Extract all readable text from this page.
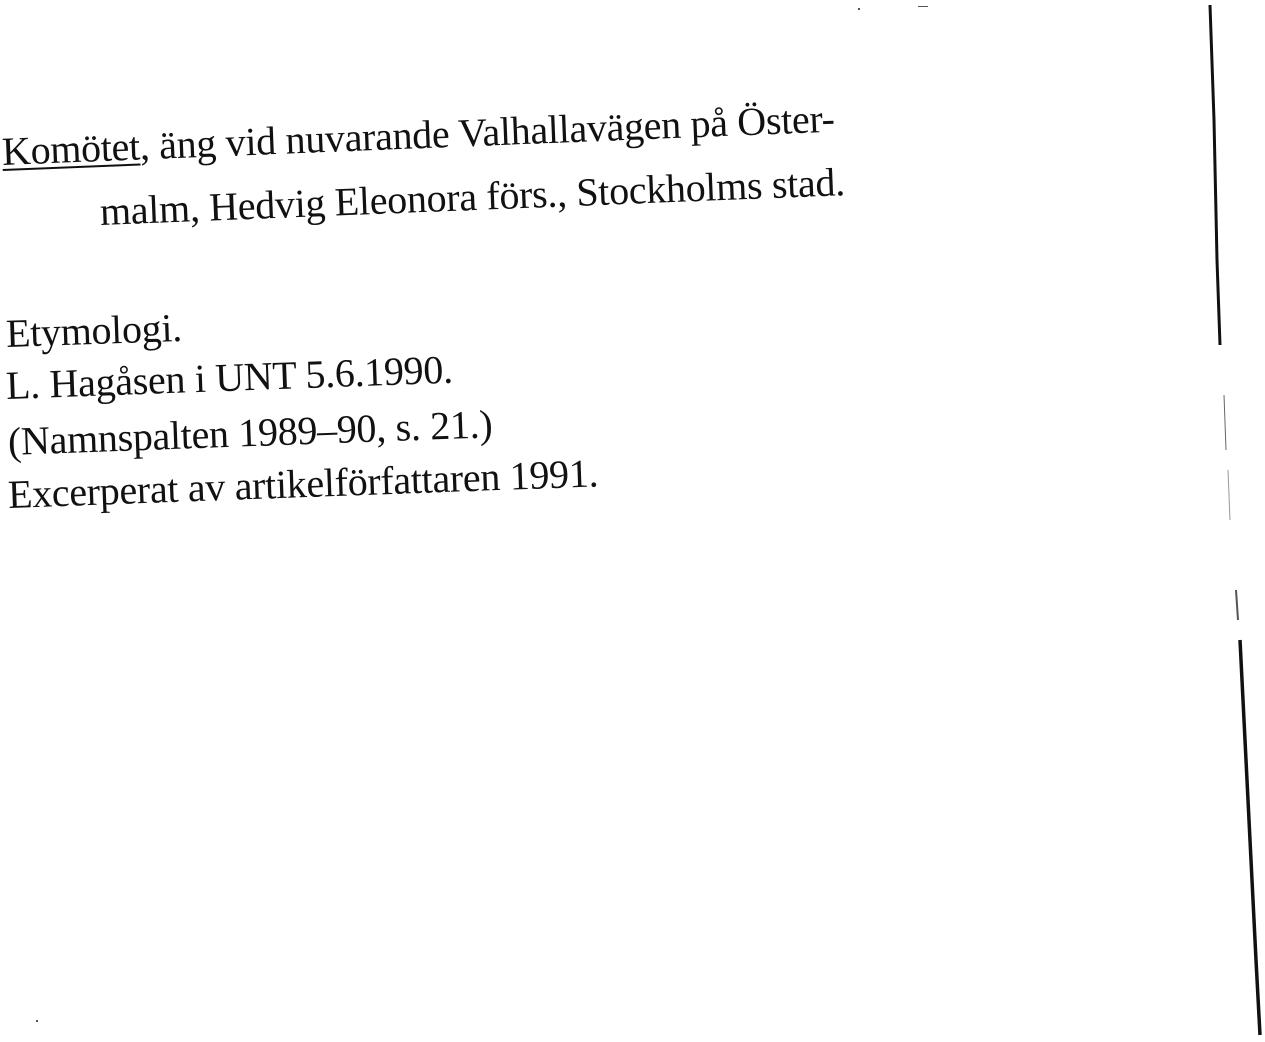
Komötet, äng vid nuvarande Valhallavägen på Öster-
malm, Hedvig Eleonora förs., Stockholms stad.
Etymologi.
L. Hagåsen i UNT 5.6.1990.
(Namnspalten 1989–90, s. 21.)
Excerperat av artikelförfattaren 1991.
